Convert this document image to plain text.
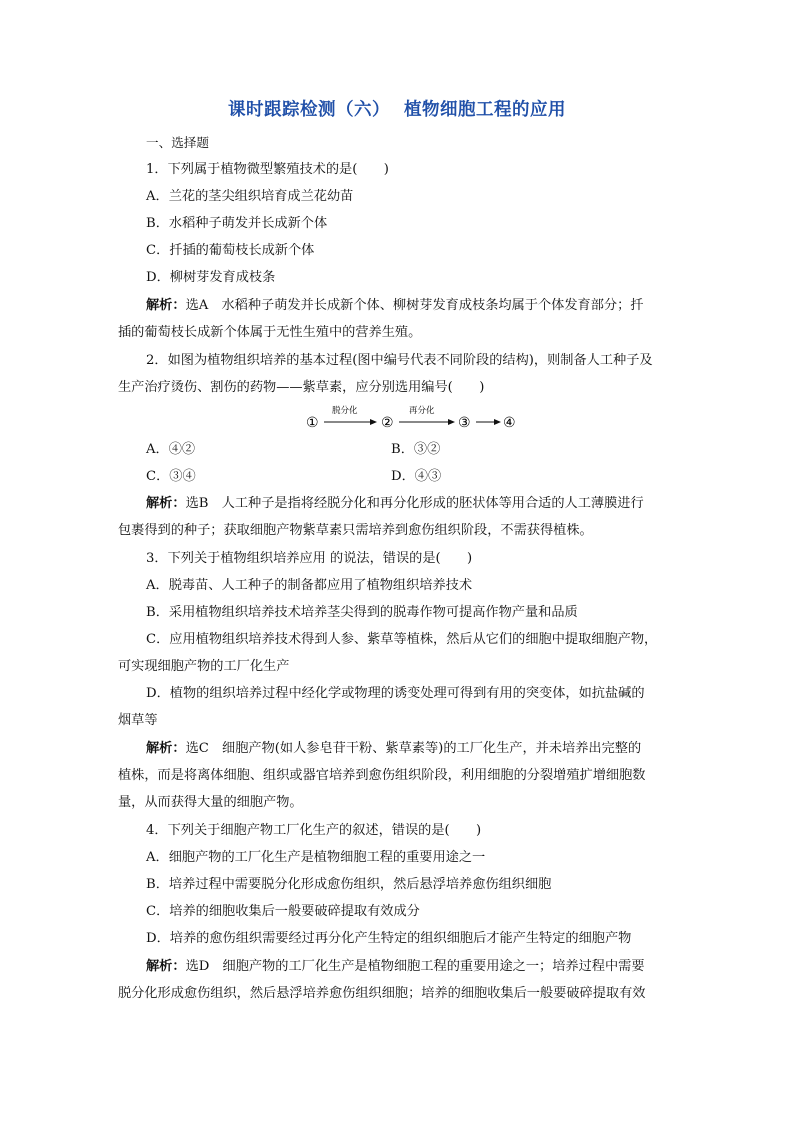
课时跟踪检测（六） 植物细胞工程的应用
一、选择题
1．下列属于植物微型繁殖技术的是(　　)
A．兰花的茎尖组织培育成兰花幼苗
B．水稻种子萌发并长成新个体
C．扦插的葡萄枝长成新个体
D．柳树芽发育成枝条
解析：选A　水稻种子萌发并长成新个体、柳树芽发育成枝条均属于个体发育部分；扦
插的葡萄枝长成新个体属于无性生殖中的营养生殖。
2．如图为植物组织培养的基本过程(图中编号代表不同阶段的结构)，则制备人工种子及
生产治疗烫伤、割伤的药物——紫草素，应分别选用编号(　　)
①
脱分化
②
再分化
③ ④
A．④②	B．③②
C．③④	D．④③
解析：选B　人工种子是指将经脱分化和再分化形成的胚状体等用合适的人工薄膜进行
包裹得到的种子；获取细胞产物紫草素只需培养到愈伤组织阶段，不需获得植株。
3．下列关于植物组织培养应用 的说法，错误的是(　　)
A．脱毒苗、人工种子的制备都应用了植物组织培养技术
B．采用植物组织培养技术培养茎尖得到的脱毒作物可提高作物产量和品质
C．应用植物组织培养技术得到人参、紫草等植株，然后从它们的细胞中提取细胞产物，
可实现细胞产物的工厂化生产
D．植物的组织培养过程中经化学或物理的诱变处理可得到有用的突变体，如抗盐碱的
烟草等
解析：选C　细胞产物(如人参皂苷干粉、紫草素等)的工厂化生产，并未培养出完整的
植株，而是将离体细胞、组织或器官培养到愈伤组织阶段，利用细胞的分裂增殖扩增细胞数
量，从而获得大量的细胞产物。
4．下列关于细胞产物工厂化生产的叙述，错误的是(　　)
A．细胞产物的工厂化生产是植物细胞工程的重要用途之一
B．培养过程中需要脱分化形成愈伤组织，然后悬浮培养愈伤组织细胞
C．培养的细胞收集后一般要破碎提取有效成分
D．培养的愈伤组织需要经过再分化产生特定的组织细胞后才能产生特定的细胞产物
解析：选D　细胞产物的工厂化生产是植物细胞工程的重要用途之一；培养过程中需要
脱分化形成愈伤组织，然后悬浮培养愈伤组织细胞；培养的细胞收集后一般要破碎提取有效
